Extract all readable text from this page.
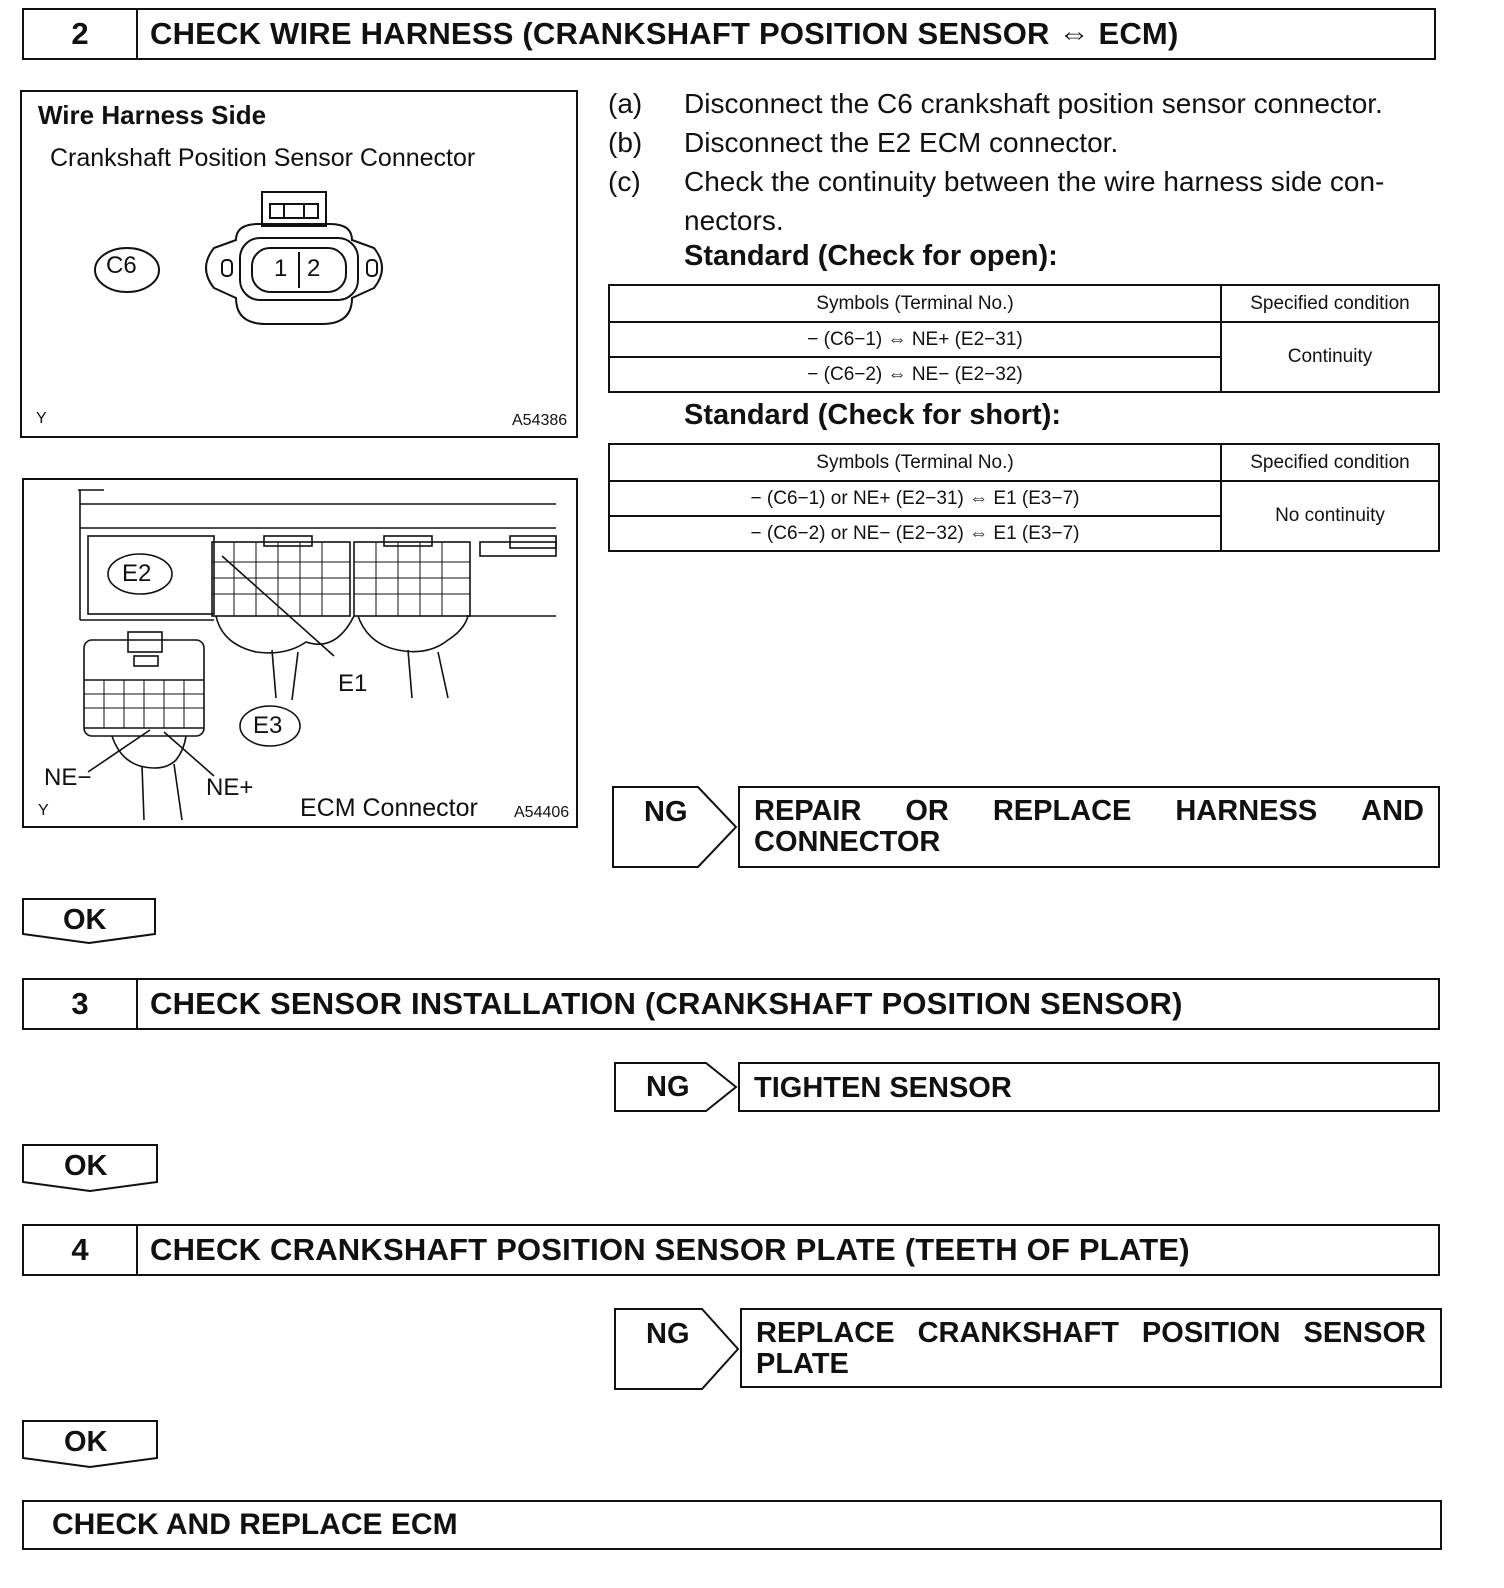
2	CHECK WIRE HARNESS (CRANKSHAFT POSITION SENSOR ⇔ ECM)
Wire Harness Side
Crankshaft Position Sensor Connector
C6	1 2
Y	A54386
E2
E3
E1
NE−	NE+
Y	ECM Connector A54406
(a) Disconnect the C6 crankshaft position sensor connector.
(b) Disconnect the E2 ECM connector.
(c) Check the continuity between the wire harness side con-
nectors.
Standard (Check for open):
Symbols (Terminal No.)	Specified condition
− (C6−1) ⇔ NE+ (E2−31)	Continuity
− (C6−2) ⇔ NE− (E2−32)	
Standard (Check for short):
Symbols (Terminal No.)	Specified condition
− (C6−1) or NE+ (E2−31) ⇔ E1 (E3−7)	No continuity
− (C6−2) or NE− (E2−32) ⇔ E1 (E3−7)	
NG REPAIR OR REPLACE HARNESS AND
CONNECTOR
OK
3	CHECK SENSOR INSTALLATION (CRANKSHAFT POSITION SENSOR)
NG	TIGHTEN SENSOR
OK
4	CHECK CRANKSHAFT POSITION SENSOR PLATE (TEETH OF PLATE)
NG REPLACE CRANKSHAFT POSITION SENSOR
PLATE
OK
CHECK AND REPLACE ECM
